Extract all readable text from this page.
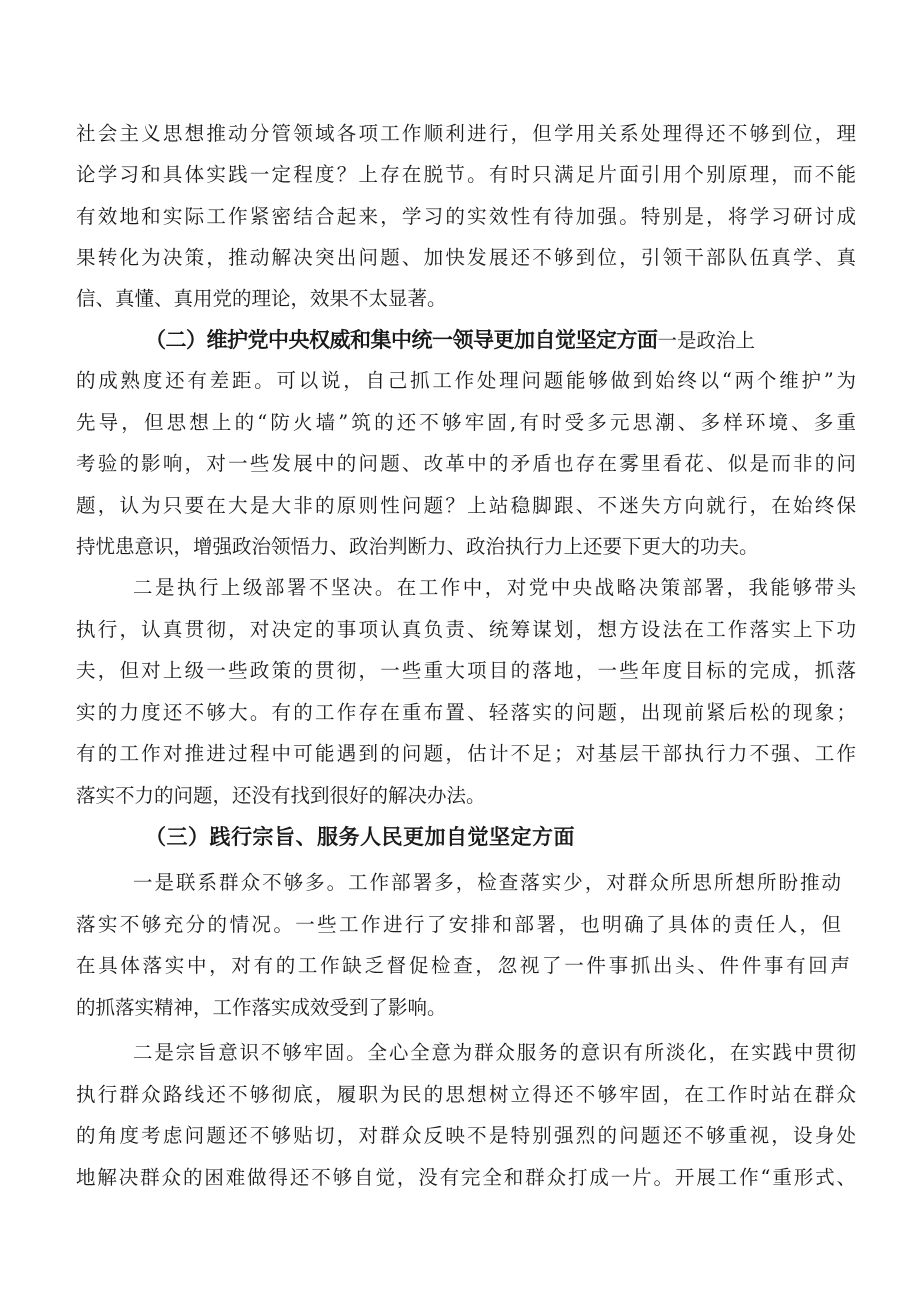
社会主义思想推动分管领域各项工作顺利进行，但学用关系处理得还不够到位，理
论学习和具体实践一定程度？上存在脱节。有时只满足片面引用个别原理，而不能
有效地和实际工作紧密结合起来，学习的实效性有待加强。特别是，将学习研讨成
果转化为决策，推动解决突出问题、加快发展还不够到位，引领干部队伍真学、真
信、真懂、真用党的理论，效果不太显著。
（二）维护党中央权威和集中统一领导更加自觉坚定方面一是政治上
的成熟度还有差距。可以说，自己抓工作处理问题能够做到始终以“两个维护”为
先导，但思想上的“防火墙”筑的还不够牢固,有时受多元思潮、多样环境、多重
考验的影响，对一些发展中的问题、改革中的矛盾也存在雾里看花、似是而非的问
题，认为只要在大是大非的原则性问题？上站稳脚跟、不迷失方向就行，在始终保
持忧患意识，增强政治领悟力、政治判断力、政治执行力上还要下更大的功夫。
二是执行上级部署不坚决。在工作中，对党中央战略决策部署，我能够带头
执行，认真贯彻，对决定的事项认真负责、统筹谋划，想方设法在工作落实上下功
夫，但对上级一些政策的贯彻，一些重大项目的落地，一些年度目标的完成，抓落
实的力度还不够大。有的工作存在重布置、轻落实的问题，出现前紧后松的现象；
有的工作对推进过程中可能遇到的问题，估计不足；对基层干部执行力不强、工作
落实不力的问题，还没有找到很好的解决办法。
（三）践行宗旨、服务人民更加自觉坚定方面
一是联系群众不够多。工作部署多，检查落实少，对群众所思所想所盼推动
落实不够充分的情况。一些工作进行了安排和部署，也明确了具体的责任人，但
在具体落实中，对有的工作缺乏督促检查，忽视了一件事抓出头、件件事有回声
的抓落实精神，工作落实成效受到了影响。
二是宗旨意识不够牢固。全心全意为群众服务的意识有所淡化，在实践中贯彻
执行群众路线还不够彻底，履职为民的思想树立得还不够牢固，在工作时站在群众
的角度考虑问题还不够贴切，对群众反映不是特别强烈的问题还不够重视，设身处
地解决群众的困难做得还不够自觉，没有完全和群众打成一片。开展工作“重形式、
